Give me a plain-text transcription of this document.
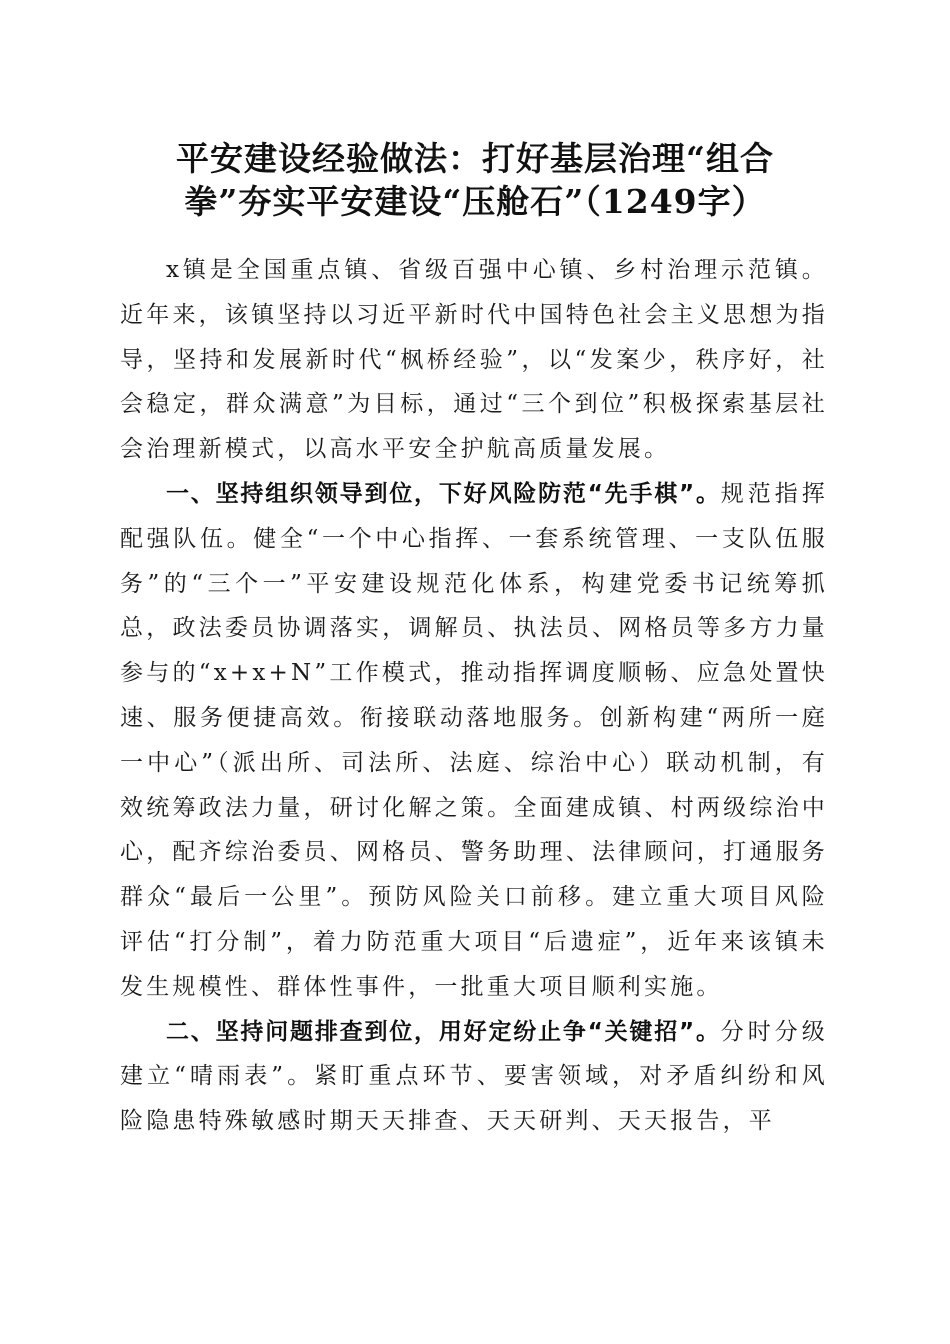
平安建设经验做法：打好基层治理“组合
拳”夯实平安建设“压舱石”（1249字）

x镇是全国重点镇、省级百强中心镇、乡村治理示范镇。近年来，该镇坚持以习近平新时代中国特色社会主义思想为指导，坚持和发展新时代“枫桥经验”，以“发案少，秩序好，社会稳定，群众满意”为目标，通过“三个到位”积极探索基层社会治理新模式，以高水平安全护航高质量发展。

一、坚持组织领导到位，下好风险防范“先手棋”。规范指挥配强队伍。健全“一个中心指挥、一套系统管理、一支队伍服务”的“三个一”平安建设规范化体系，构建党委书记统筹抓总，政法委员协调落实，调解员、执法员、网格员等多方力量参与的“x+x+N”工作模式，推动指挥调度顺畅、应急处置快速、服务便捷高效。衔接联动落地服务。创新构建“两所一庭一中心”（派出所、司法所、法庭、综治中心）联动机制，有效统筹政法力量，研讨化解之策。全面建成镇、村两级综治中心，配齐综治委员、网格员、警务助理、法律顾问，打通服务群众“最后一公里”。预防风险关口前移。建立重大项目风险评估“打分制”，着力防范重大项目“后遗症”，近年来该镇未发生规模性、群体性事件，一批重大项目顺利实施。

二、坚持问题排查到位，用好定纷止争“关键招”。分时分级建立“晴雨表”。紧盯重点环节、要害领域，对矛盾纠纷和风险隐患特殊敏感时期天天排查、天天研判、天天报告，平
